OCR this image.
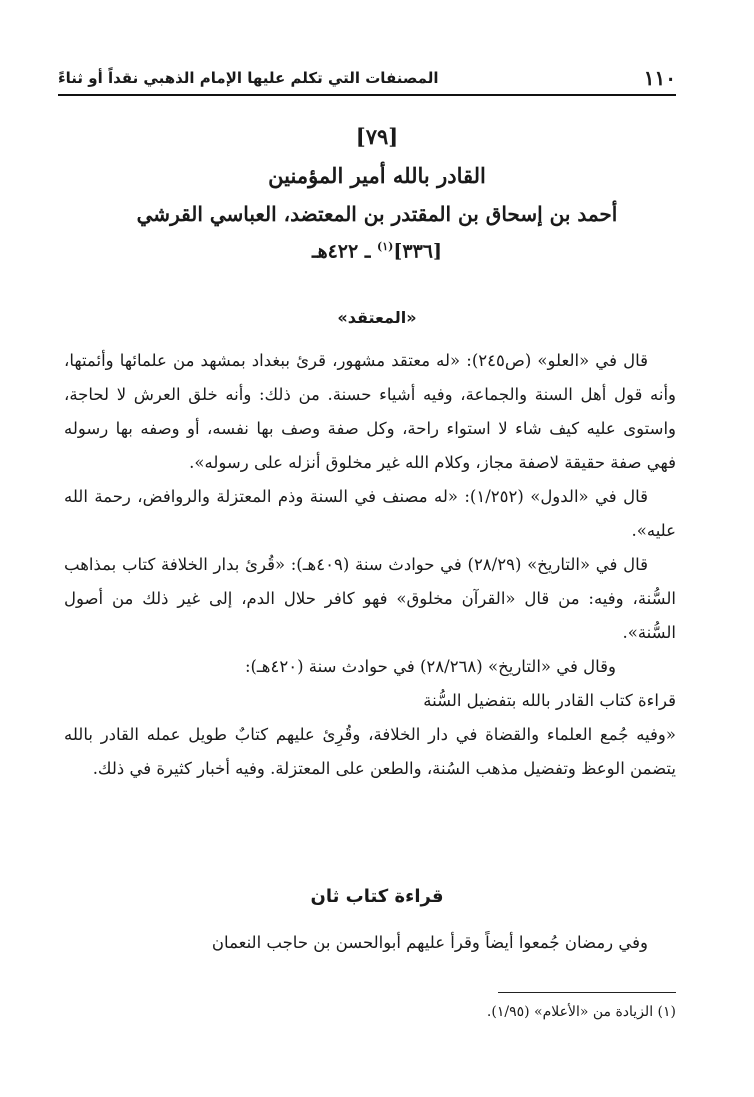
١١٠
المصنفات التي تكلم عليها الإمام الذهبي نقداً أو ثناءً
[٧٩]
القادر بالله أمير المؤمنين
أحمد بن إسحاق بن المقتدر بن المعتضد، العباسي القرشي
[٣٣٦]$^{(١)}$ ـ ٤٢٢هـ
«المعتقد»

قال في «العلو» (ص٢٤٥): «له معتقد مشهور، قرئ ببغداد بمشهد من علمائها وأئمتها، وأنه قول أهل السنة والجماعة، وفيه أشياء حسنة. من ذلك: وأنه خلق العرش لا لحاجة، واستوى عليه كيف شاء لا استواء راحة، وكل صفة وصف بها نفسه، أو وصفه بها رسوله فهي صفة حقيقة لاصفة مجاز، وكلام الله غير مخلوق أنزله على رسوله».

قال في «الدول» (١/٢٥٢): «له مصنف في السنة وذم المعتزلة والروافض، رحمة الله عليه».

قال في «التاريخ» (٢٨/٢٩) في حوادث سنة (٤٠٩هـ): «قُرئ بدار الخلافة كتاب بمذاهب السُّنة، وفيه: من قال «القرآن مخلوق» فهو كافر حلال الدم، إلى غير ذلك من أصول السُّنة».

وقال في «التاريخ» (٢٨/٢٦٨) في حوادث سنة (٤٢٠هـ):

قراءة كتاب القادر بالله بتفضيل السُّنة

«وفيه جُمع العلماء والقضاة في دار الخلافة، وقُرِئ عليهم كتابٌ طويل عمله القادر بالله يتضمن الوعظ وتفضيل مذهب السُنة، والطعن على المعتزلة. وفيه أخبار كثيرة في ذلك.

قراءة كتاب ثان
وفي رمضان جُمعوا أيضاً وقرأ عليهم أبوالحسن بن حاجب النعمان
(١) الزيادة من «الأعلام» (١/٩٥).
